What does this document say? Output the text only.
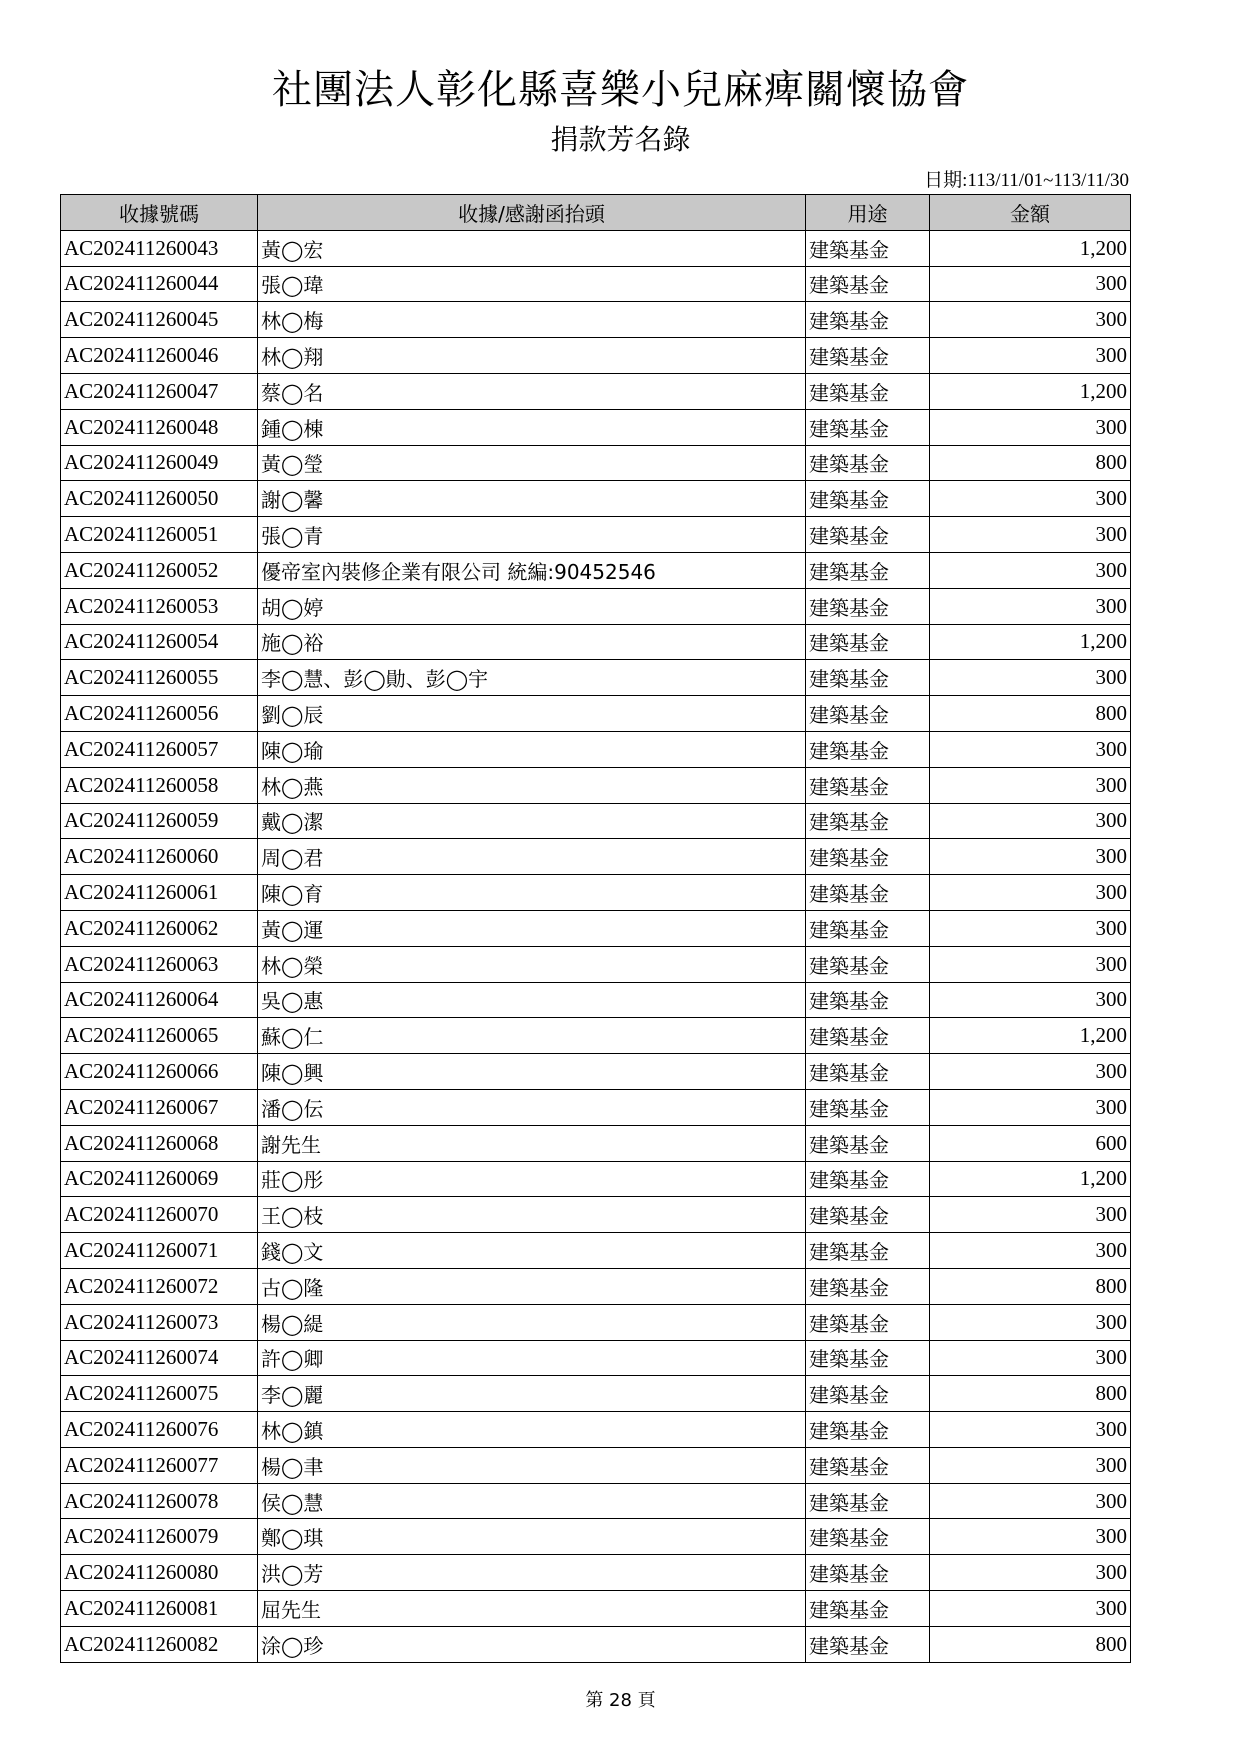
社團法人彰化縣喜樂小兒麻痺關懷協會
捐款芳名錄
日期:113/11/01~113/11/30
收據號碼	收據/感謝函抬頭	用途	金額
AC202411260043	黃◯宏	建築基金	1,200
AC202411260044	張◯瑋	建築基金	300
AC202411260045	林◯梅	建築基金	300
AC202411260046	林◯翔	建築基金	300
AC202411260047	蔡◯名	建築基金	1,200
AC202411260048	鍾◯棟	建築基金	300
AC202411260049	黃◯瑩	建築基金	800
AC202411260050	謝◯馨	建築基金	300
AC202411260051	張◯青	建築基金	300
AC202411260052	優帝室內裝修企業有限公司 統編:90452546	建築基金	300
AC202411260053	胡◯婷	建築基金	300
AC202411260054	施◯裕	建築基金	1,200
AC202411260055	李◯慧、彭◯勛、彭◯宇	建築基金	300
AC202411260056	劉◯辰	建築基金	800
AC202411260057	陳◯瑜	建築基金	300
AC202411260058	林◯燕	建築基金	300
AC202411260059	戴◯潔	建築基金	300
AC202411260060	周◯君	建築基金	300
AC202411260061	陳◯育	建築基金	300
AC202411260062	黃◯運	建築基金	300
AC202411260063	林◯榮	建築基金	300
AC202411260064	吳◯惠	建築基金	300
AC202411260065	蘇◯仁	建築基金	1,200
AC202411260066	陳◯興	建築基金	300
AC202411260067	潘◯伝	建築基金	300
AC202411260068	謝先生	建築基金	600
AC202411260069	莊◯彤	建築基金	1,200
AC202411260070	王◯枝	建築基金	300
AC202411260071	錢◯文	建築基金	300
AC202411260072	古◯隆	建築基金	800
AC202411260073	楊◯緹	建築基金	300
AC202411260074	許◯卿	建築基金	300
AC202411260075	李◯麗	建築基金	800
AC202411260076	林◯鎮	建築基金	300
AC202411260077	楊◯聿	建築基金	300
AC202411260078	侯◯慧	建築基金	300
AC202411260079	鄭◯琪	建築基金	300
AC202411260080	洪◯芳	建築基金	300
AC202411260081	屈先生	建築基金	300
AC202411260082	涂◯珍	建築基金	800
第 28 頁
